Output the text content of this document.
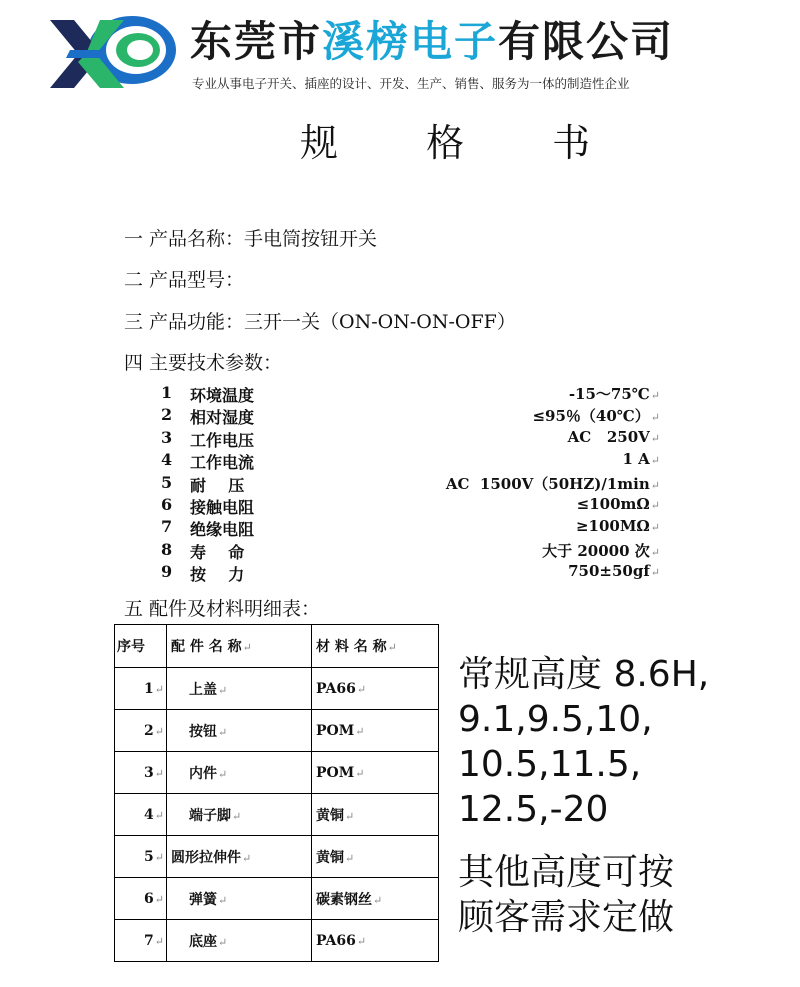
东莞市溪榜电子有限公司
专业从事电子开关、插座的设计、开发、生产、销售、服务为一体的制造性企业
规 格 书
一 产品名称：手电筒按钮开关
二 产品型号：
三 产品功能：三开一关（ON-ON-ON-OFF）
四 主要技术参数：
1 环境温度	-15～75℃↵
2 相对湿度	≤95％（40℃）↵
3 工作电压	AC   250V↵
4 工作电流	1 A↵
5 耐    压	AC  1500V（50HZ)/1min↵
6 接触电阻	≤100mΩ↵
7 绝缘电阻	≥100MΩ↵
8 寿    命	大于 20000 次↵
9 按    力	750±50gf↵
五 配件及材料明细表：
序号	配 件 名 称↵	材 料 名 称↵
1↵	上盖↵	PA66↵
2↵	按钮↵	POM↵
3↵	内件↵	POM↵
4↵	端子脚↵	黄铜↵
5↵	圆形拉伸件↵	黄铜↵
6↵	弹簧↵	碳素钢丝↵
7↵	底座↵	PA66↵
常规高度 8.6H,
9.1,9.5,10,
10.5,11.5,
12.5,-20
其他高度可按
顾客需求定做
